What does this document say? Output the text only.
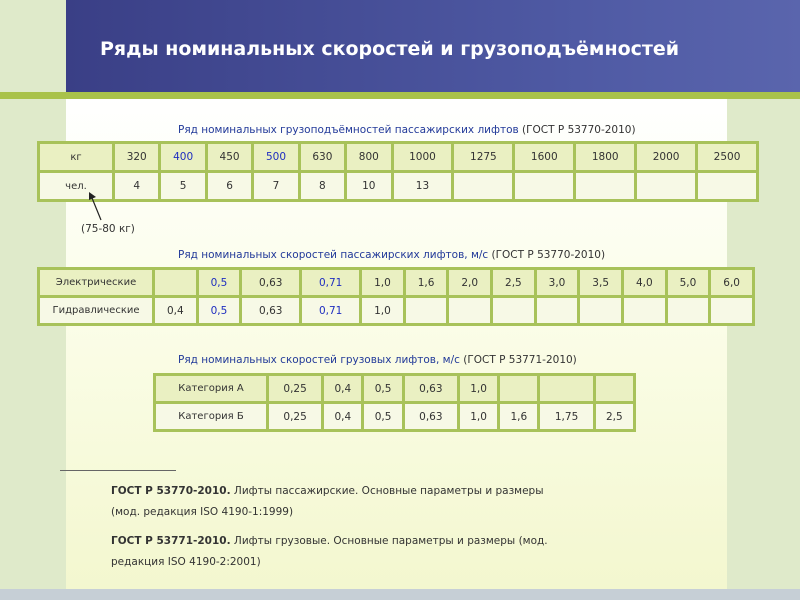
Ряды номинальных скоростей и грузоподъёмностей
Ряд номинальных грузоподъёмностей пассажирских лифтов (ГОСТ Р 53770-2010)
кг	320	400	450	500	630	800	1000	1275	1600	1800	2000	2500
чел.	4	5	6	7	8	10	13					
(75-80 кг)
Ряд номинальных скоростей пассажирских лифтов, м/с (ГОСТ Р 53770-2010)
Электрические		0,5	0,63	0,71	1,0	1,6	2,0	2,5	3,0	3,5	4,0	5,0	6,0
Гидравлические	0,4	0,5	0,63	0,71	1,0								
Ряд номинальных скоростей грузовых лифтов, м/с (ГОСТ Р 53771-2010)
Категория А	0,25	0,4	0,5	0,63	1,0			
Категория Б	0,25	0,4	0,5	0,63	1,0	1,6	1,75	2,5
ГОСТ Р 53770-2010. Лифты пассажирские. Основные параметры и размеры (мод. редакция ISO 4190-1:1999)
ГОСТ Р 53771-2010. Лифты грузовые. Основные параметры и размеры (мод. редакция ISO 4190-2:2001)
